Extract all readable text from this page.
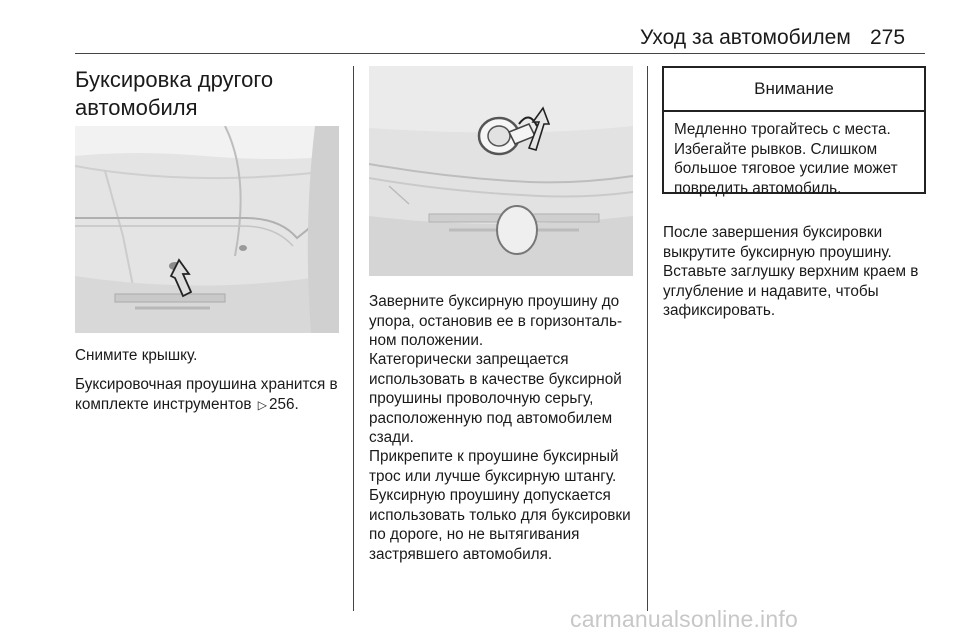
Уход за автомобилем 275
Буксировка другого автомобиля
Снимите крышку.
Буксировочная проушина хранится в комплекте инструментов ▷ 256.
Заверните буксирную проушину до упора, остановив ее в горизонтальном положении.
Категорически запрещается использовать в качестве буксирной проушины проволочную серьгу, расположенную под автомобилем сзади.
Прикрепите к проушине буксирный трос или лучше буксирную штангу.
Буксирную проушину допускается использовать только для буксировки по дороге, но не вытягивания застрявшего автомобиля.
Внимание
Медленно трогайтесь с места. Избегайте рывков. Слишком большое тяговое усилие может повредить автомобиль.
После завершения буксировки выкрутите буксирную проушину.
Вставьте заглушку верхним краем в углубление и надавите, чтобы зафиксировать.
carmanualsonline.info
